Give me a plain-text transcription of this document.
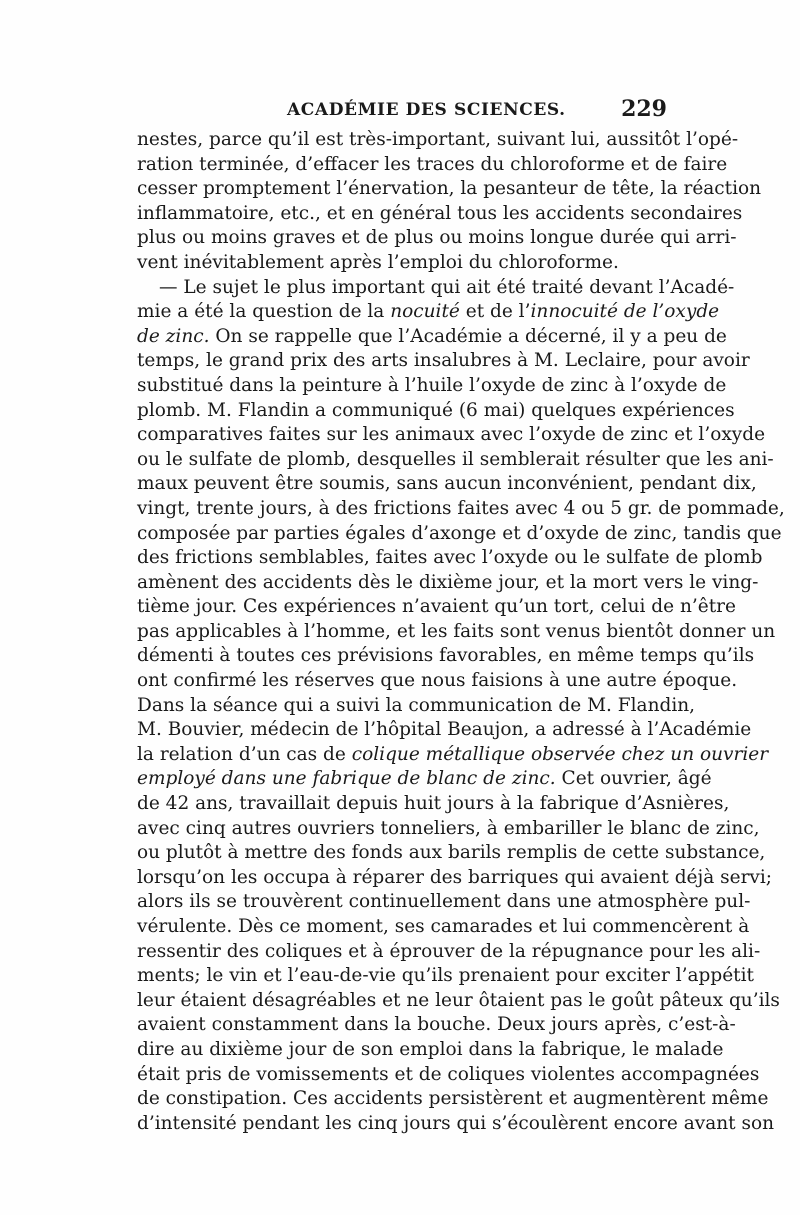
ACADÉMIE DES SCIENCES.	229
nestes, parce qu’il est très-important, suivant lui, aussitôt l’opé-
ration terminée, d’effacer les traces du chloroforme et de faire
cesser promptement l’énervation, la pesanteur de tête, la réaction
inflammatoire, etc., et en général tous les accidents secondaires
plus ou moins graves et de plus ou moins longue durée qui arri-
vent inévitablement après l’emploi du chloroforme.
— Le sujet le plus important qui ait été traité devant l’Acadé-
mie a été la question de la nocuité et de l’innocuité de l’oxyde
de zinc. On se rappelle que l’Académie a décerné, il y a peu de
temps, le grand prix des arts insalubres à M. Leclaire, pour avoir
substitué dans la peinture à l’huile l’oxyde de zinc à l’oxyde de
plomb. M. Flandin a communiqué (6 mai) quelques expériences
comparatives faites sur les animaux avec l’oxyde de zinc et l’oxyde
ou le sulfate de plomb, desquelles il semblerait résulter que les ani-
maux peuvent être soumis, sans aucun inconvénient, pendant dix,
vingt, trente jours, à des frictions faites avec 4 ou 5 gr. de pommade,
composée par parties égales d’axonge et d’oxyde de zinc, tandis que
des frictions semblables, faites avec l’oxyde ou le sulfate de plomb
amènent des accidents dès le dixième jour, et la mort vers le ving-
tième jour. Ces expériences n’avaient qu’un tort, celui de n’être
pas applicables à l’homme, et les faits sont venus bientôt donner un
démenti à toutes ces prévisions favorables, en même temps qu’ils
ont confirmé les réserves que nous faisions à une autre époque.
Dans la séance qui a suivi la communication de M. Flandin,
M. Bouvier, médecin de l’hôpital Beaujon, a adressé à l’Académie
la relation d’un cas de colique métallique observée chez un ouvrier
employé dans une fabrique de blanc de zinc. Cet ouvrier, âgé
de 42 ans, travaillait depuis huit jours à la fabrique d’Asnières,
avec cinq autres ouvriers tonneliers, à embariller le blanc de zinc,
ou plutôt à mettre des fonds aux barils remplis de cette substance,
lorsqu’on les occupa à réparer des barriques qui avaient déjà servi;
alors ils se trouvèrent continuellement dans une atmosphère pul-
vérulente. Dès ce moment, ses camarades et lui commencèrent à
ressentir des coliques et à éprouver de la répugnance pour les ali-
ments; le vin et l’eau-de-vie qu’ils prenaient pour exciter l’appétit
leur étaient désagréables et ne leur ôtaient pas le goût pâteux qu’ils
avaient constamment dans la bouche. Deux jours après, c’est-à-
dire au dixième jour de son emploi dans la fabrique, le malade
était pris de vomissements et de coliques violentes accompagnées
de constipation. Ces accidents persistèrent et augmentèrent même
d’intensité pendant les cinq jours qui s’écoulèrent encore avant son
